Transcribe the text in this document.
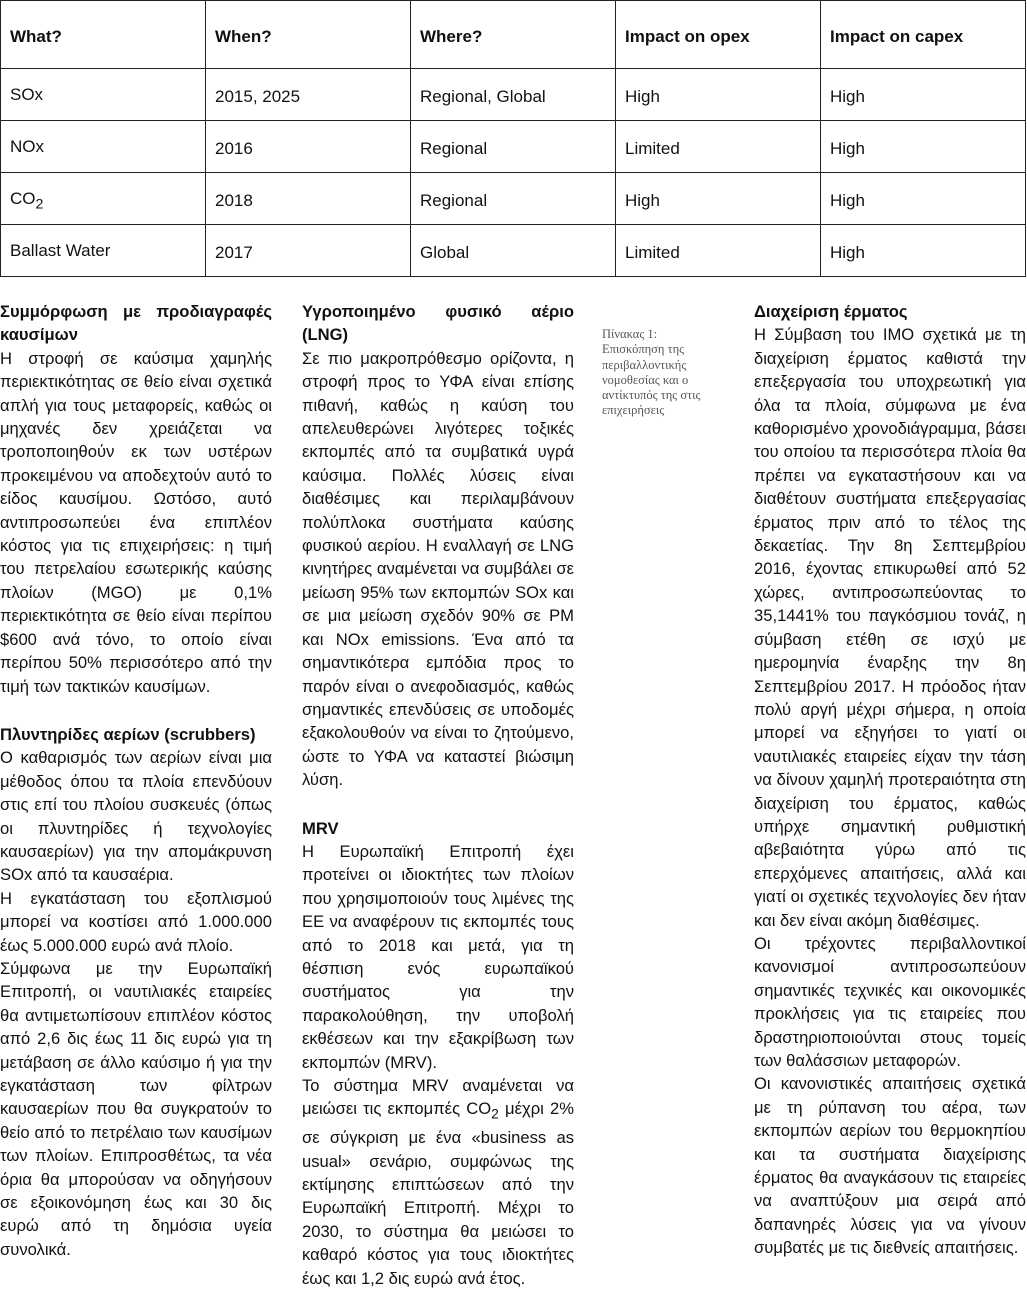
What?	When?	Where?	Impact on opex	Impact on capex
SOx	2015, 2025	Regional, Global	High	High
NOx	2016	Regional	Limited	High
$CO_2$	2018	Regional	High	High
Ballast Water	2017	Global	Limited	High
Συμμόρφωση με προδιαγραφές καυσίμων

Η στροφή σε καύσιμα χαμηλής περιεκτικότητας σε θείο είναι σχετικά απλή για τους μεταφορείς, καθώς οι μηχανές δεν χρειάζεται να τροποποιηθούν εκ των υστέρων προκειμένου να αποδεχτούν αυτό το είδος καυσίμου. Ωστόσο, αυτό αντιπροσωπεύει ένα επιπλέον κόστος για τις επιχειρήσεις: η τιμή του πετρελαίου εσωτερικής καύσης πλοίων (MGO) με 0,1% περιεκτικότητα σε θείο είναι περίπου $600 ανά τόνο, το οποίο είναι περίπου 50% περισσότερο από την τιμή των τακτικών καυσίμων.

Πλυντηρίδες αερίων (scrubbers)

Ο καθαρισμός των αερίων είναι μια μέθοδος όπου τα πλοία επενδύουν στις επί του πλοίου συσκευές (όπως οι πλυντηρίδες ή τεχνολογίες καυσαερίων) για την απομάκρυνση SOx από τα καυσαέρια.

Η εγκατάσταση του εξοπλισμού μπορεί να κοστίσει από 1.000.000 έως 5.000.000 ευρώ ανά πλοίο.

Σύμφωνα με την Ευρωπαϊκή Επιτροπή, οι ναυτιλιακές εταιρείες θα αντιμετωπίσουν επιπλέον κόστος από 2,6 δις έως 11 δις ευρώ για τη μετάβαση σε άλλο καύσιμο ή για την εγκατάσταση των φίλτρων καυσαερίων που θα συγκρατούν το θείο από το πετρέλαιο των καυσίμων των πλοίων. Επιπροσθέτως, τα νέα όρια θα μπορούσαν να οδηγήσουν σε εξοικονόμηση έως και 30 δις ευρώ από τη δημόσια υγεία συνολικά.

Υγροποιημένο φυσικό αέριο (LNG)

Σε πιο μακροπρόθεσμο ορίζοντα, η στροφή προς το ΥΦΑ είναι επίσης πιθανή, καθώς η καύση του απελευθερώνει λιγότερες τοξικές εκπομπές από τα συμβατικά υγρά καύσιμα. Πολλές λύσεις είναι διαθέσιμες και περιλαμβάνουν πολύπλοκα συστήματα καύσης φυσικού αερίου. Η εναλλαγή σε LNG κινητήρες αναμένεται να συμβάλει σε μείωση 95% των εκπομπών SOx και σε μια μείωση σχεδόν 90% σε PM και NOx emissions. Ένα από τα σημαντικότερα εμπόδια προς το παρόν είναι ο ανεφοδιασμός, καθώς σημαντικές επενδύσεις σε υποδομές εξακολουθούν να είναι το ζητούμενο, ώστε το ΥΦΑ να καταστεί βιώσιμη λύση.

MRV

Η Ευρωπαϊκή Επιτροπή έχει προτείνει οι ιδιοκτήτες των πλοίων που χρησιμοποιούν τους λιμένες της ΕΕ να αναφέρουν τις εκπομπές τους από το 2018 και μετά, για τη θέσπιση ενός ευρωπαϊκού συστήματος για την παρακολούθηση, την υποβολή εκθέσεων και την εξακρίβωση των εκπομπών (MRV).

Το σύστημα MRV αναμένεται να μειώσει τις εκπομπές $CO_2$ μέχρι 2% σε σύγκριση με ένα «business as usual» σενάριο, συμφώνως της εκτίμησης επιπτώσεων από την Ευρωπαϊκή Επιτροπή. Μέχρι το 2030, το σύστημα θα μειώσει το καθαρό κόστος για τους ιδιοκτήτες έως και 1,2 δις ευρώ ανά έτος.

Πίνακας 1: Επισκόπηση της περιβαλλοντικής νομοθεσίας και ο αντίκτυπός της στις επιχειρήσεις
Διαχείριση έρματος

Η Σύμβαση του IMO σχετικά με τη διαχείριση έρματος καθιστά την επεξεργασία του υποχρεωτική για όλα τα πλοία, σύμφωνα με ένα καθορισμένο χρονοδιάγραμμα, βάσει του οποίου τα περισσότερα πλοία θα πρέπει να εγκαταστήσουν και να διαθέτουν συστήματα επεξεργασίας έρματος πριν από το τέλος της δεκαετίας. Την 8η Σεπτεμβρίου 2016, έχοντας επικυρωθεί από 52 χώρες, αντιπροσωπεύοντας το 35,1441% του παγκόσμιου τονάζ, η σύμβαση ετέθη σε ισχύ με ημερομηνία έναρξης την 8η Σεπτεμβρίου 2017. Η πρόοδος ήταν πολύ αργή μέχρι σήμερα, η οποία μπορεί να εξηγήσει το γιατί οι ναυτιλιακές εταιρείες είχαν την τάση να δίνουν χαμηλή προτεραιότητα στη διαχείριση του έρματος, καθώς υπήρχε σημαντική ρυθμιστική αβεβαιότητα γύρω από τις επερχόμενες απαιτήσεις, αλλά και γιατί οι σχετικές τεχνολογίες δεν ήταν και δεν είναι ακόμη διαθέσιμες.

Οι τρέχοντες περιβαλλοντικοί κανονισμοί αντιπροσωπεύουν σημαντικές τεχνικές και οικονομικές προκλήσεις για τις εταιρείες που δραστηριοποιούνται στους τομείς των θαλάσσιων μεταφορών.

Οι κανονιστικές απαιτήσεις σχετικά με τη ρύπανση του αέρα, των εκπομπών αερίων του θερμοκηπίου και τα συστήματα διαχείρισης έρματος θα αναγκάσουν τις εταιρείες να αναπτύξουν μια σειρά από δαπανηρές λύσεις για να γίνουν συμβατές με τις διεθνείς απαιτήσεις.
